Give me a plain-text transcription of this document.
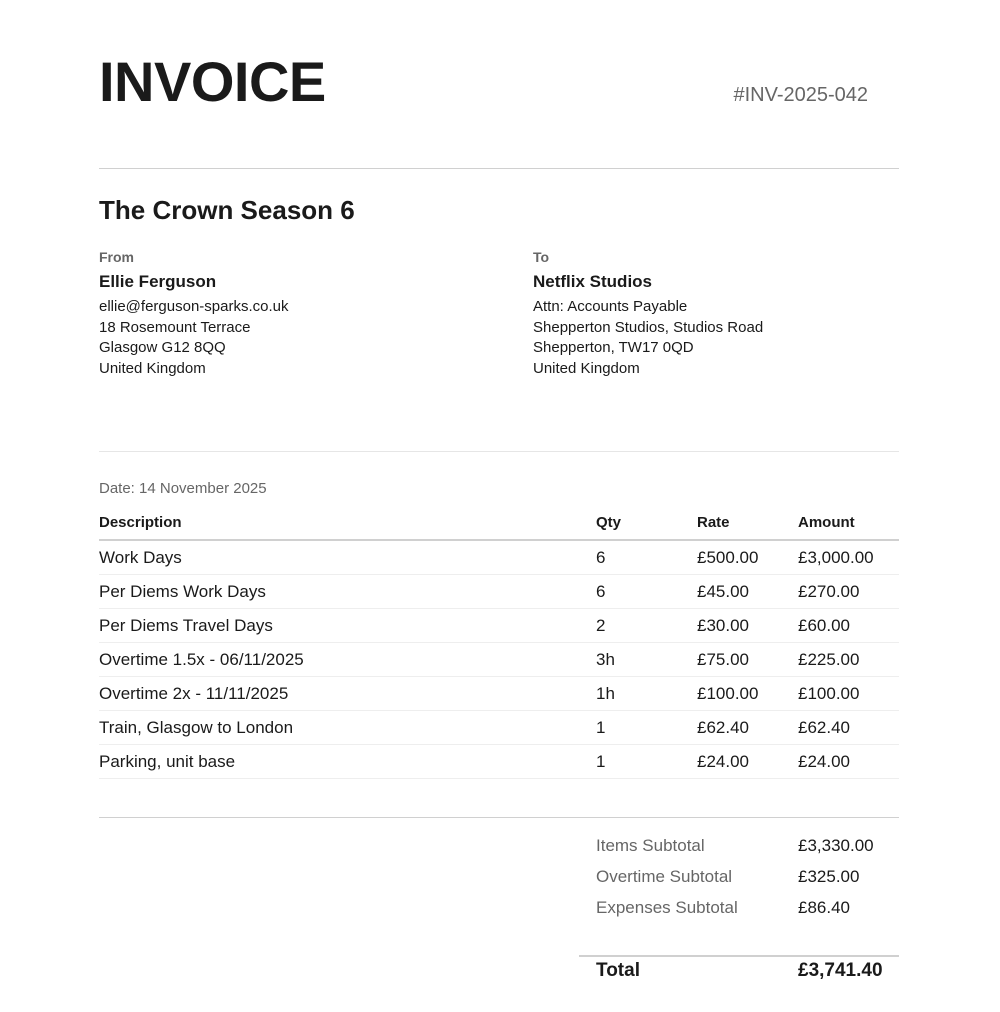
INVOICE	#INV-2025-042
The Crown Season 6
From
Ellie Ferguson
ellie@ferguson-sparks.co.uk
18 Rosemount Terrace
Glasgow G12 8QQ
United Kingdom
To
Netflix Studios
Attn: Accounts Payable
Shepperton Studios, Studios Road
Shepperton, TW17 0QD
United Kingdom
Date: 14 November 2025
Description	Qty	Rate	Amount
Work Days	6	£500.00	£3,000.00
Per Diems Work Days	6	£45.00	£270.00
Per Diems Travel Days	2	£30.00	£60.00
Overtime 1.5x - 06/11/2025	3h	£75.00	£225.00
Overtime 2x - 11/11/2025	1h	£100.00	£100.00
Train, Glasgow to London	1	£62.40	£62.40
Parking, unit base	1	£24.00	£24.00
Items Subtotal	£3,330.00
Overtime Subtotal	£325.00
Expenses Subtotal	£86.40
Total	£3,741.40
